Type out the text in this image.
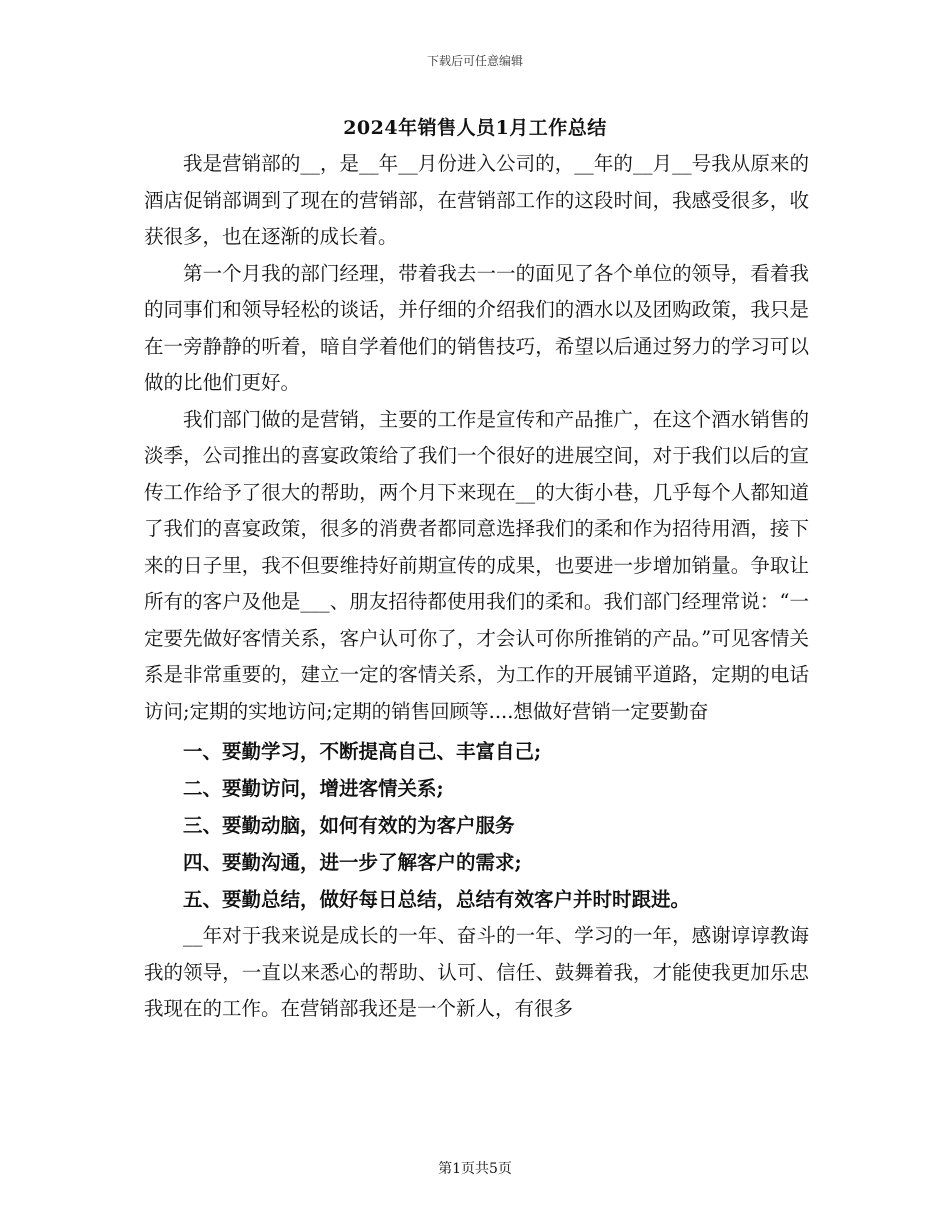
下载后可任意编辑
2024年销售人员1月工作总结

我是营销部的__，是__年__月份进入公司的，__年的__月__号我从原来的酒店促销部调到了现在的营销部，在营销部工作的这段时间，我感受很多，收获很多，也在逐渐的成长着。

第一个月我的部门经理，带着我去一一的面见了各个单位的领导，看着我的同事们和领导轻松的谈话，并仔细的介绍我们的酒水以及团购政策，我只是在一旁静静的听着，暗自学着他们的销售技巧，希望以后通过努力的学习可以做的比他们更好。

我们部门做的是营销，主要的工作是宣传和产品推广，在这个酒水销售的淡季，公司推出的喜宴政策给了我们一个很好的进展空间，对于我们以后的宣传工作给予了很大的帮助，两个月下来现在__的大街小巷，几乎每个人都知道了我们的喜宴政策，很多的消费者都同意选择我们的柔和作为招待用酒，接下来的日子里，我不但要维持好前期宣传的成果，也要进一步增加销量。争取让所有的客户及他是___、朋友招待都使用我们的柔和。我们部门经理常说：“一定要先做好客情关系，客户认可你了，才会认可你所推销的产品。”可见客情关系是非常重要的，建立一定的客情关系，为工作的开展铺平道路，定期的电话访问;定期的实地访问;定期的销售回顾等....想做好营销一定要勤奋

一、要勤学习，不断提高自己、丰富自己;

二、要勤访问，增进客情关系;

三、要勤动脑，如何有效的为客户服务

四、要勤沟通，进一步了解客户的需求;

五、要勤总结，做好每日总结，总结有效客户并时时跟进。

__年对于我来说是成长的一年、奋斗的一年、学习的一年，感谢谆谆教诲我的领导，一直以来悉心的帮助、认可、信任、鼓舞着我，才能使我更加乐忠我现在的工作。在营销部我还是一个新人，有很多

第1页共5页
